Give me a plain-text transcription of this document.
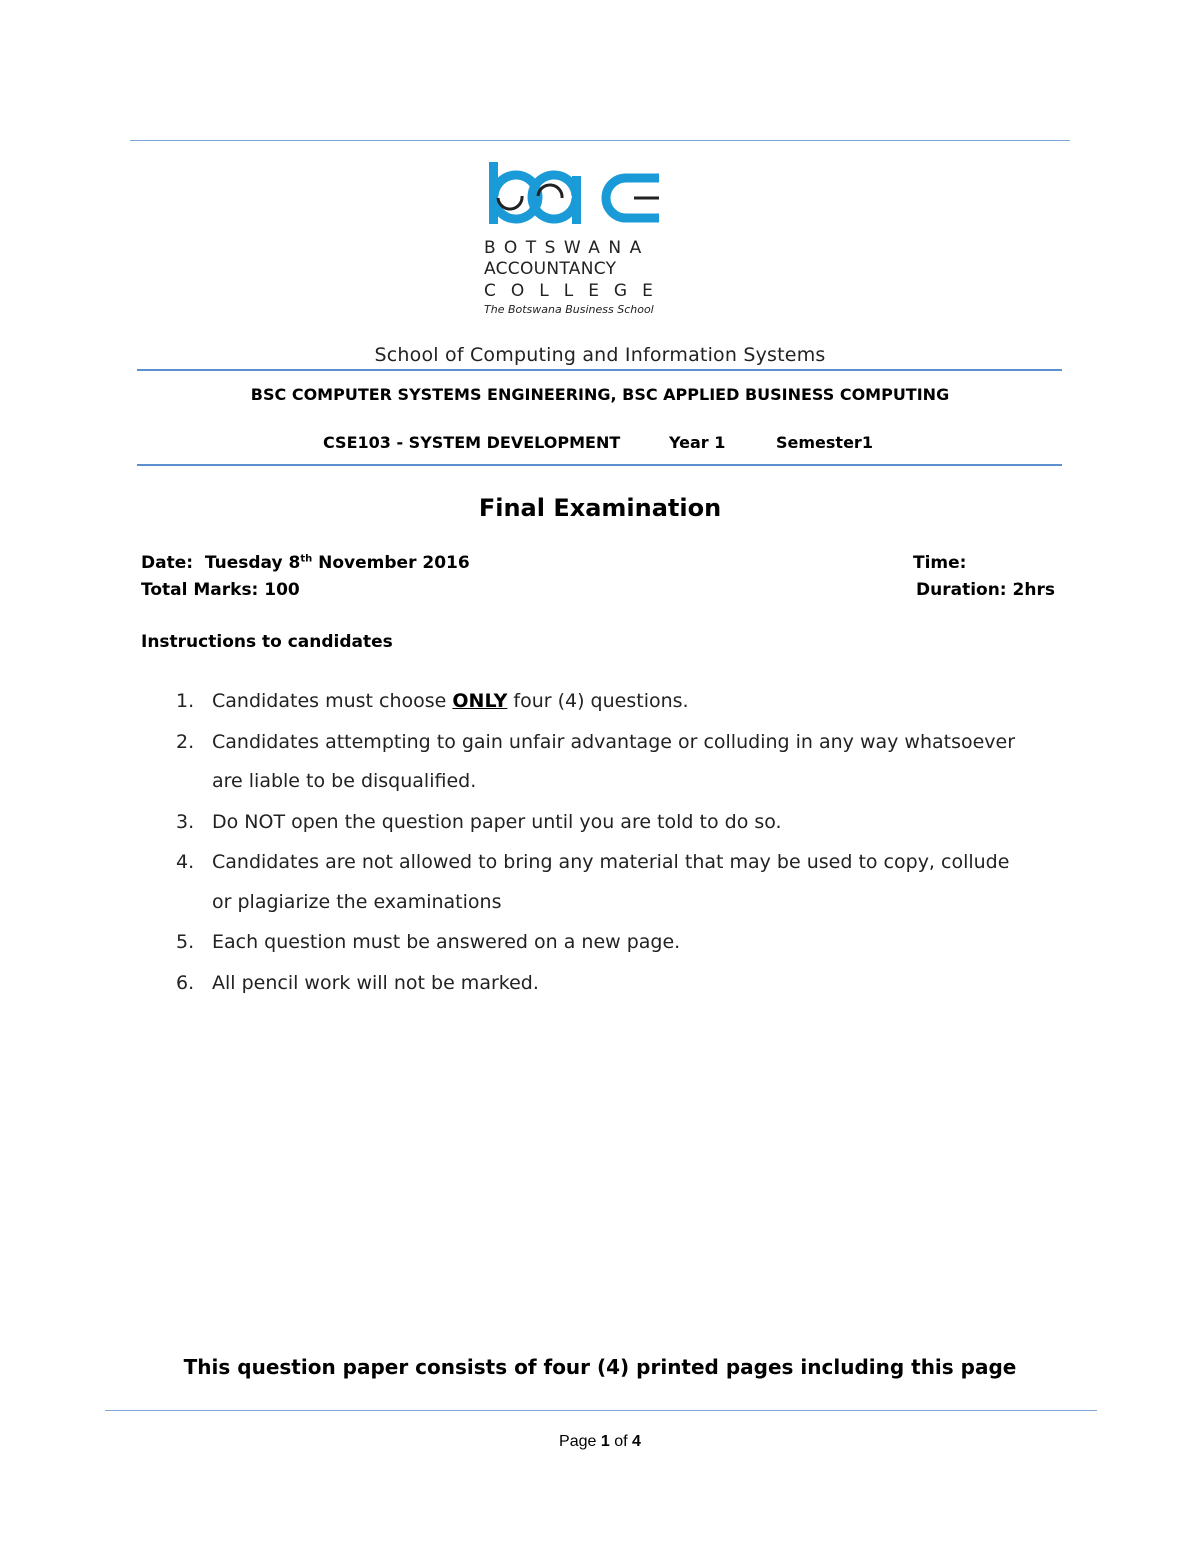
BOTSWANA
ACCOUNTANCY
COLLEGE
The Botswana Business School
School of Computing and Information Systems
BSC COMPUTER SYSTEMS ENGINEERING, BSC APPLIED BUSINESS COMPUTING
CSE103 - SYSTEM DEVELOPMENT	Year 1	Semester1
Final Examination
Date: Tuesday 8th November 2016	Time:
Total Marks: 100	Duration: 2hrs
Instructions to candidates
1. Candidates must choose ONLY four (4) questions.
2. Candidates attempting to gain unfair advantage or colluding in any way whatsoever are liable to be disqualified.
3. Do NOT open the question paper until you are told to do so.
4. Candidates are not allowed to bring any material that may be used to copy, collude or plagiarize the examinations
5. Each question must be answered on a new page.
6. All pencil work will not be marked.
This question paper consists of four (4) printed pages including this page
Page 1 of 4
